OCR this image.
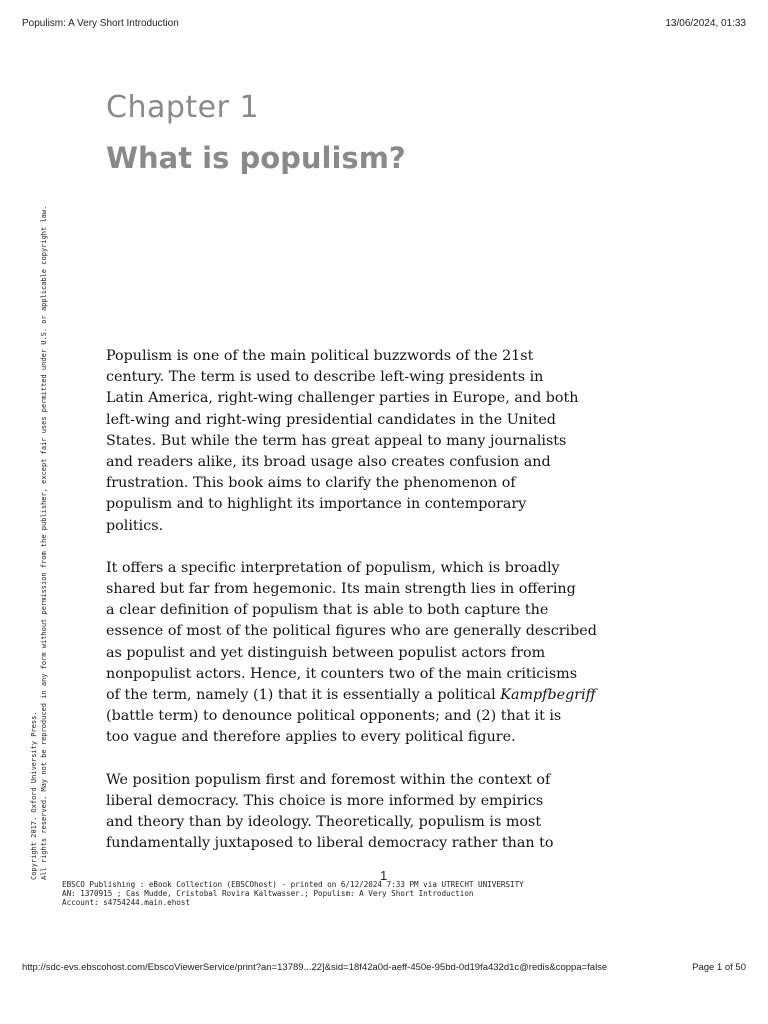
Populism: A Very Short Introduction	13/06/2024, 01:33
Chapter 1
What is populism?
Copyright 2017. Oxford University Press. All rights reserved. May not be reproduced in any form without permission from the publisher, except fair uses permitted under U.S. or applicable copyright law.	Populism is one of the main political buzzwords of the 21st
century. The term is used to describe left-wing presidents in
Latin America, right-wing challenger parties in Europe, and both
left-wing and right-wing presidential candidates in the United
States. But while the term has great appeal to many journalists
and readers alike, its broad usage also creates confusion and
frustration. This book aims to clarify the phenomenon of
populism and to highlight its importance in contemporary
politics.

It offers a specific interpretation of populism, which is broadly
shared but far from hegemonic. Its main strength lies in offering
a clear definition of populism that is able to both capture the
essence of most of the political figures who are generally described
as populist and yet distinguish between populist actors from
nonpopulist actors. Hence, it counters two of the main criticisms
of the term, namely (1) that it is essentially a political Kampfbegriff
(battle term) to denounce political opponents; and (2) that it is
too vague and therefore applies to every political figure.

We position populism first and foremost within the context of
liberal democracy. This choice is more informed by empirics
and theory than by ideology. Theoretically, populism is most
fundamentally juxtaposed to liberal democracy rather than to

1
EBSCO Publishing : eBook Collection (EBSCOhost) - printed on 6/12/2024 7:33 PM via UTRECHT UNIVERSITY
AN: 1370915 ; Cas Mudde, Cristobal Rovira Kaltwasser.; Populism: A Very Short Introduction
Account: s4754244.main.ehost
http://sdc-evs.ebscohost.com/EbscoViewerService/print?an=13789...22]&sid=18f42a0d-aeff-450e-95bd-0d19fa432d1c@redis&coppa=false	Page 1 of 50
